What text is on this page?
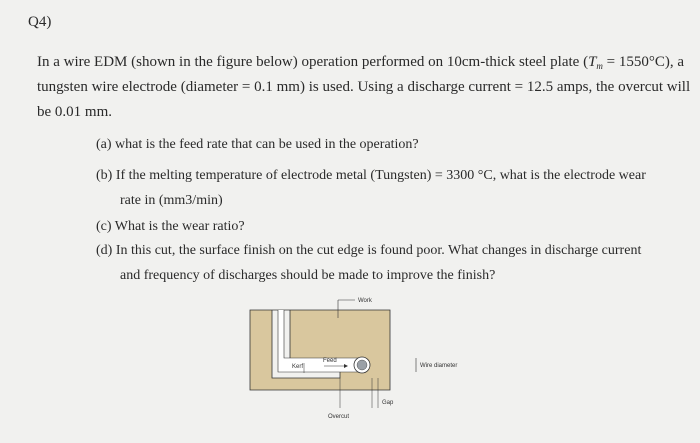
Q4)
In a wire EDM (shown in the figure below) operation performed on 10cm-thick steel plate $(T_m = 1550^\circ C)$, a
tungsten wire electrode (diameter = 0.1 mm) is used. Using a discharge current = 12.5 amps, the overcut will
be 0.01 mm.
(a) what is the feed rate that can be used in the operation?
(b) If the melting temperature of electrode metal (Tungsten) = 3300 °C, what is the electrode wear
rate in (mm3/min)
(c) What is the wear ratio?
(d) In this cut, the surface finish on the cut edge is found poor. What changes in discharge current
and frequency of discharges should be made to improve the finish?
Work
Kerf
Feed
Wire diameter
Gap
Overcut
